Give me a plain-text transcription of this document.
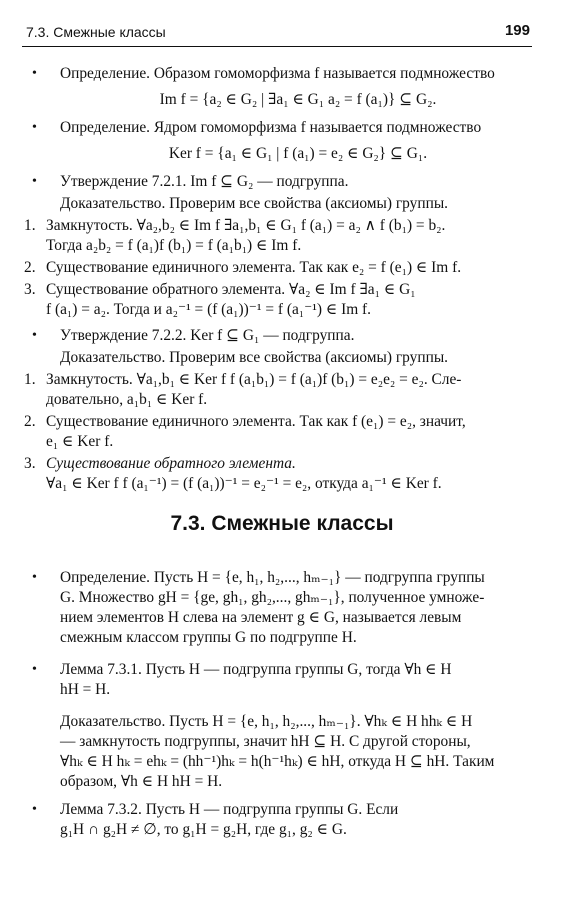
7.3. Смежные классы	199
• Определение. Образом гомоморфизма f называется подмножество
Im f = {a₂ ∈ G₂ | ∃a₁ ∈ G₁ a₂ = f (a₁)} ⊆ G₂.
• Определение. Ядром гомоморфизма f называется подмножество
Ker f = {a₁ ∈ G₁ | f (a₁) = e₂ ∈ G₂} ⊆ G₁.
• Утверждение 7.2.1. Im f ⊆ G₂ — подгруппа.
Доказательство. Проверим все свойства (аксиомы) группы.
1. Замкнутость. ∀a₂,b₂ ∈ Im f ∃a₁,b₁ ∈ G₁ f (a₁) = a₂ ∧ f (b₁) = b₂.
Тогда a₂b₂ = f (a₁)f (b₁) = f (a₁b₁) ∈ Im f.
2. Существование единичного элемента. Так как e₂ = f (e₁) ∈ Im f.
3. Существование обратного элемента. ∀a₂ ∈ Im f ∃a₁ ∈ G₁
f (a₁) = a₂. Тогда и a₂⁻¹ = (f (a₁))⁻¹ = f (a₁⁻¹) ∈ Im f.
• Утверждение 7.2.2. Ker f ⊆ G₁ — подгруппа.
Доказательство. Проверим все свойства (аксиомы) группы.
1. Замкнутость. ∀a₁,b₁ ∈ Ker f f (a₁b₁) = f (a₁)f (b₁) = e₂e₂ = e₂. Сле-
довательно, a₁b₁ ∈ Ker f.
2. Существование единичного элемента. Так как f (e₁) = e₂, значит,
e₁ ∈ Ker f.
3. Существование обратного элемента.
∀a₁ ∈ Ker f f (a₁⁻¹) = (f (a₁))⁻¹ = e₂⁻¹ = e₂, откуда a₁⁻¹ ∈ Ker f.
7.3. Смежные классы
• Определение. Пусть H = {e, h₁, h₂,..., hₘ₋₁} — подгруппа группы
G. Множество gH = {ge, gh₁, gh₂,..., ghₘ₋₁}, полученное умноже-
нием элементов H слева на элемент g ∈ G, называется левым
смежным классом группы G по подгруппе H.
• Лемма 7.3.1. Пусть H — подгруппа группы G, тогда ∀h ∈ H
hH = H.
Доказательство. Пусть H = {e, h₁, h₂,..., hₘ₋₁}. ∀hₖ ∈ H hhₖ ∈ H
— замкнутость подгруппы, значит hH ⊆ H. С другой стороны,
∀hₖ ∈ H hₖ = ehₖ = (hh⁻¹)hₖ = h(h⁻¹hₖ) ∈ hH, откуда H ⊆ hH. Таким
образом, ∀h ∈ H hH = H.
• Лемма 7.3.2. Пусть H — подгруппа группы G. Если
g₁H ∩ g₂H ≠ ∅, то g₁H = g₂H, где g₁, g₂ ∈ G.
